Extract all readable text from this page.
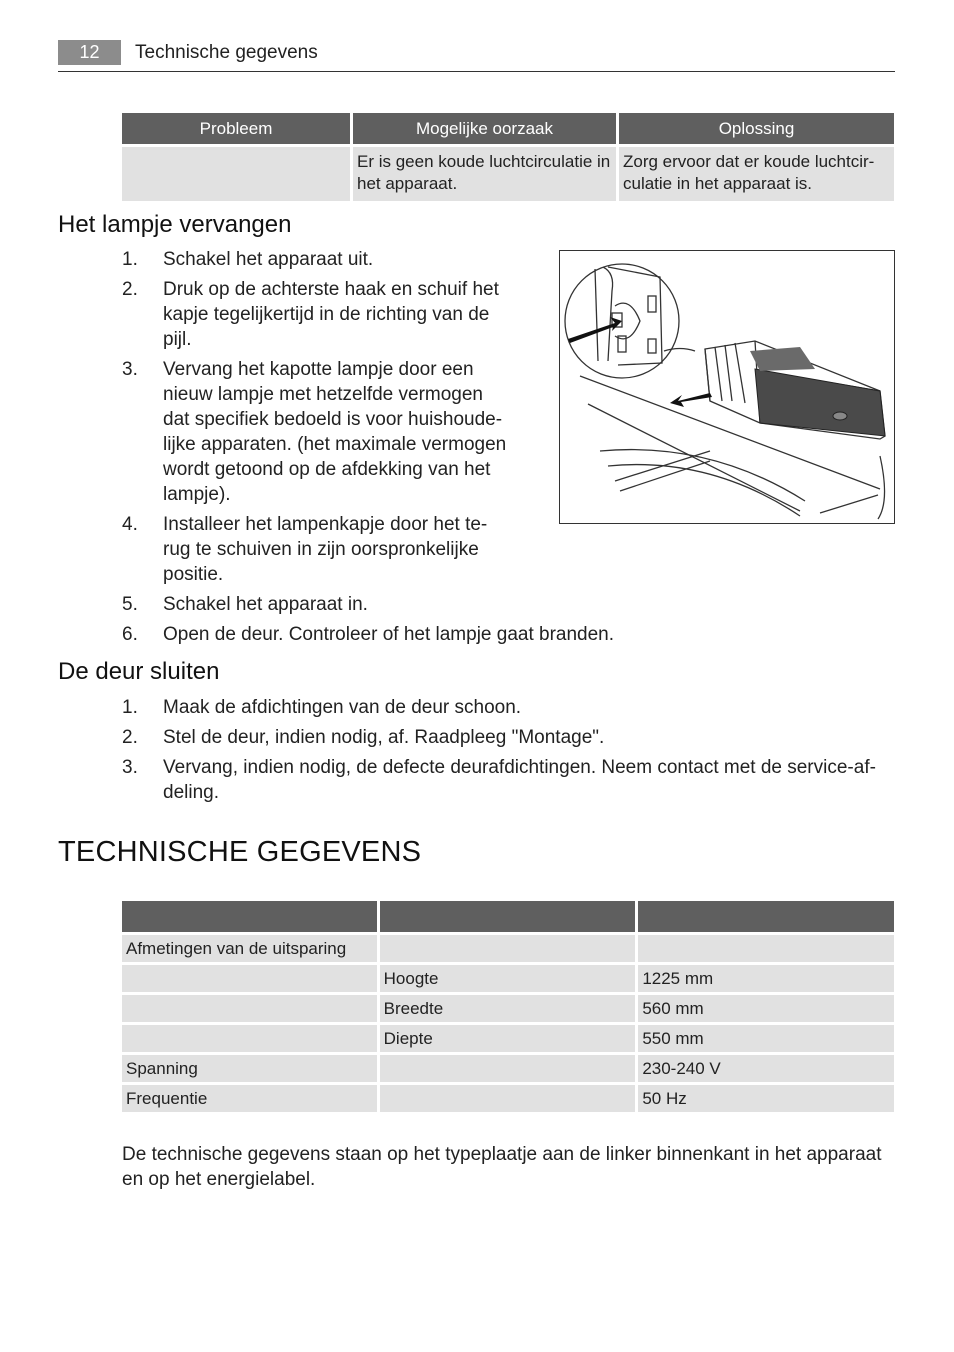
12	Technische gegevens
Probleem	Mogelijke oorzaak	Oplossing
	Er is geen koude luchtcirculatie in het apparaat.	Zorg ervoor dat er koude luchtcir-culatie in het apparaat is.
Het lampje vervangen
1. Schakel het apparaat uit.
2. Druk op de achterste haak en schuif het kapje tegelijkertijd in de richting van de pijl.
3. Vervang het kapotte lampje door een nieuw lampje met hetzelfde vermogen dat specifiek bedoeld is voor huishoude-lijke apparaten. (het maximale vermogen wordt getoond op de afdekking van het lampje).
4. Installeer het lampenkapje door het te-rug te schuiven in zijn oorspronkelijke positie.
5. Schakel het apparaat in.
6. Open de deur. Controleer of het lampje gaat branden.
De deur sluiten
1. Maak de afdichtingen van de deur schoon.
2. Stel de deur, indien nodig, af. Raadpleeg "Montage".
3. Vervang, indien nodig, de defecte deurafdichtingen. Neem contact met de service-af-deling.
TECHNISCHE GEGEVENS

Afmetingen van de uitsparing		
	Hoogte	1225 mm
	Breedte	560 mm
	Diepte	550 mm
Spanning		230-240 V
Frequentie		50 Hz

De technische gegevens staan op het typeplaatje aan de linker binnenkant in het apparaat en op het energielabel.
